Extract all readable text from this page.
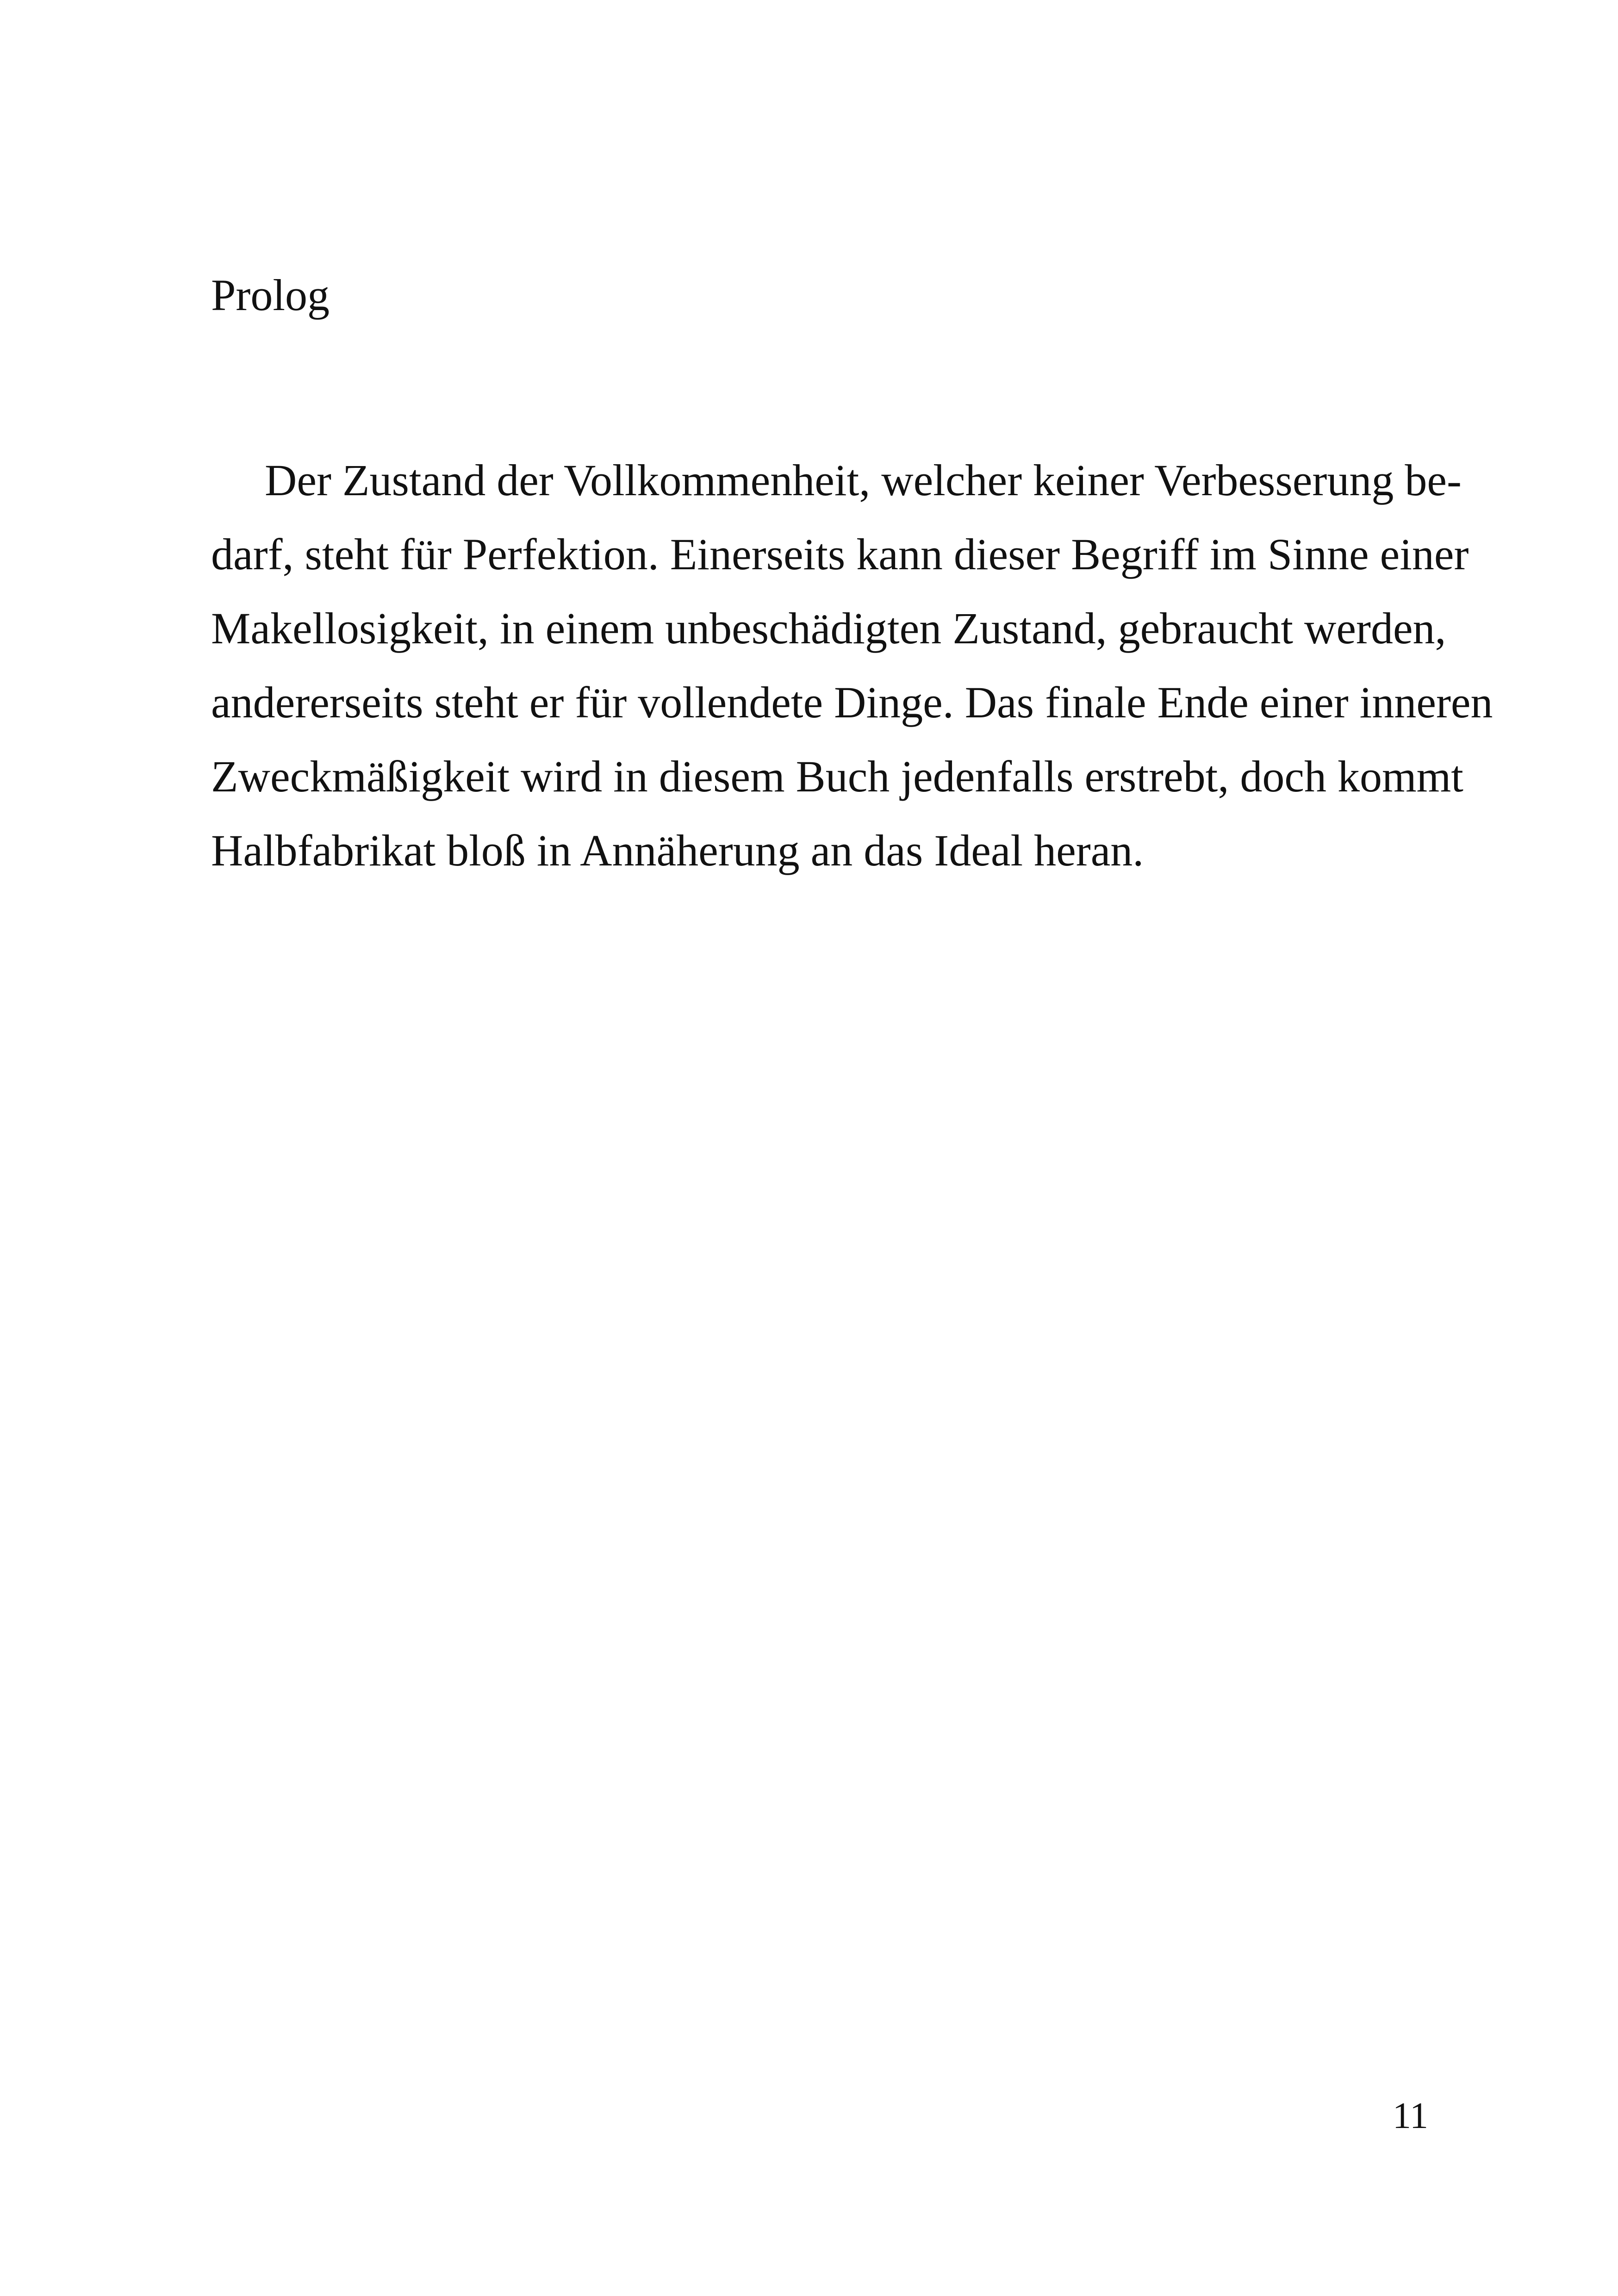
Prolog

Der Zustand der Vollkommenheit, welcher keiner Verbesserung be-
darf, steht für Perfektion. Einerseits kann dieser Begriff im Sinne einer
Makellosigkeit, in einem unbeschädigten Zustand, gebraucht werden,
andererseits steht er für vollendete Dinge. Das finale Ende einer inneren
Zweckmäßigkeit wird in diesem Buch jedenfalls erstrebt, doch kommt
Halbfabrikat bloß in Annäherung an das Ideal heran.

11
